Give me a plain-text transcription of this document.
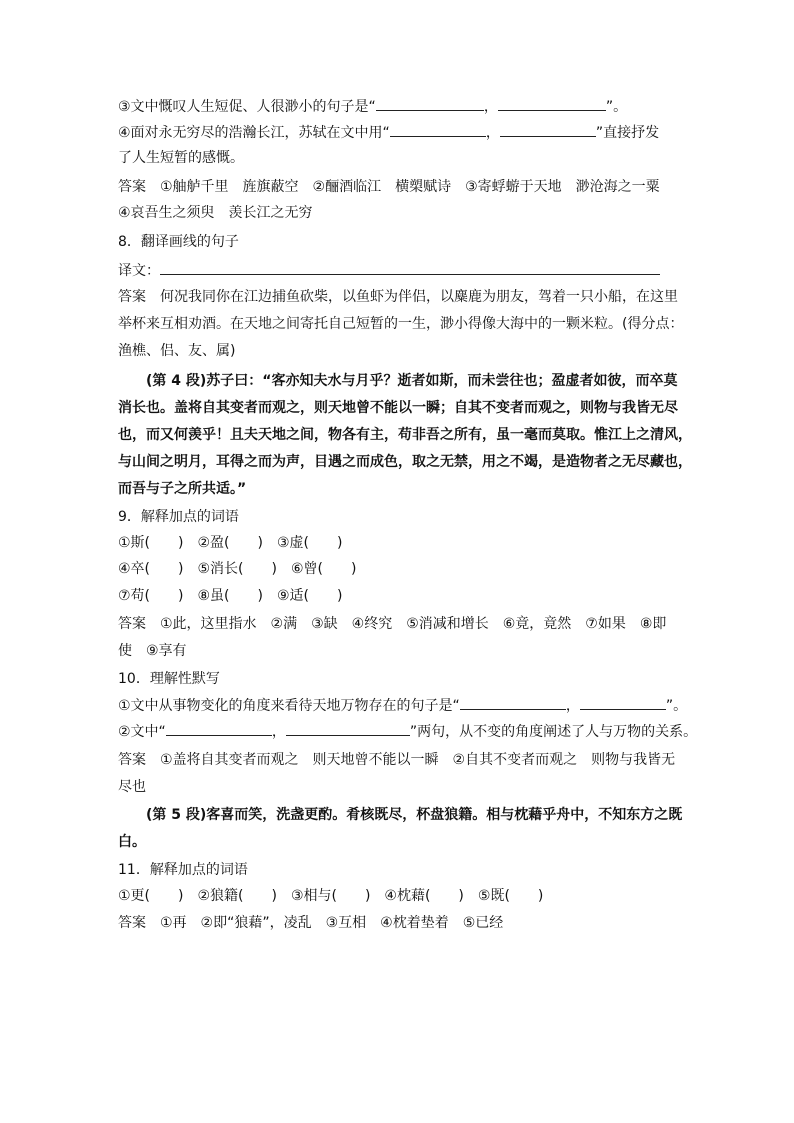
③文中慨叹人生短促、人很渺小的句子是“	，	”。
④面对永无穷尽的浩瀚长江，苏轼在文中用“	，	”直接抒发
了人生短暂的感慨。
答案　①舳舻千里　旌旗蔽空　②酾酒临江　横槊赋诗　③寄蜉蝣于天地　渺沧海之一粟
④哀吾生之须臾　羡长江之无穷
8．翻译画线的句子
译文：
答案　何况我同你在江边捕鱼砍柴，以鱼虾为伴侣，以麋鹿为朋友，驾着一只小船，在这里
举杯来互相劝酒。在天地之间寄托自己短暂的一生，渺小得像大海中的一颗米粒。(得分点：
渔樵、侣、友、属)
(第 4 段)苏子曰：“客亦知夫水与月乎？逝者如斯，而未尝往也；盈虚者如彼，而卒莫
消长也。盖将自其变者而观之，则天地曾不能以一瞬；自其不变者而观之，则物与我皆无尽
也，而又何羡乎！且夫天地之间，物各有主，苟非吾之所有，虽一毫而莫取。惟江上之清风，
与山间之明月，耳得之而为声，目遇之而成色，取之无禁，用之不竭，是造物者之无尽藏也，
而吾与子之所共适。”
9．解释加点的词语
①斯(　　)　②盈(　　)　③虚(　　)
④卒(　　)　⑤消长(　　)　⑥曾(　　)
⑦苟(　　)　⑧虽(　　)　⑨适(　　)
答案　①此，这里指水　②满　③缺　④终究　⑤消减和增长　⑥竟，竟然　⑦如果　⑧即
使　⑨享有
10．理解性默写
①文中从事物变化的角度来看待天地万物存在的句子是“	，	”。
②文中“	，	”两句，从不变的角度阐述了人与万物的关系。
答案　①盖将自其变者而观之　则天地曾不能以一瞬　②自其不变者而观之　则物与我皆无
尽也
(第 5 段)客喜而笑，洗盏更酌。肴核既尽，杯盘狼籍。相与枕藉乎舟中，不知东方之既
白。
11．解释加点的词语
①更(　　)　②狼籍(　　)　③相与(　　)　④枕藉(　　)　⑤既(　　)
答案　①再　②即“狼藉”，凌乱　③互相　④枕着垫着　⑤已经
